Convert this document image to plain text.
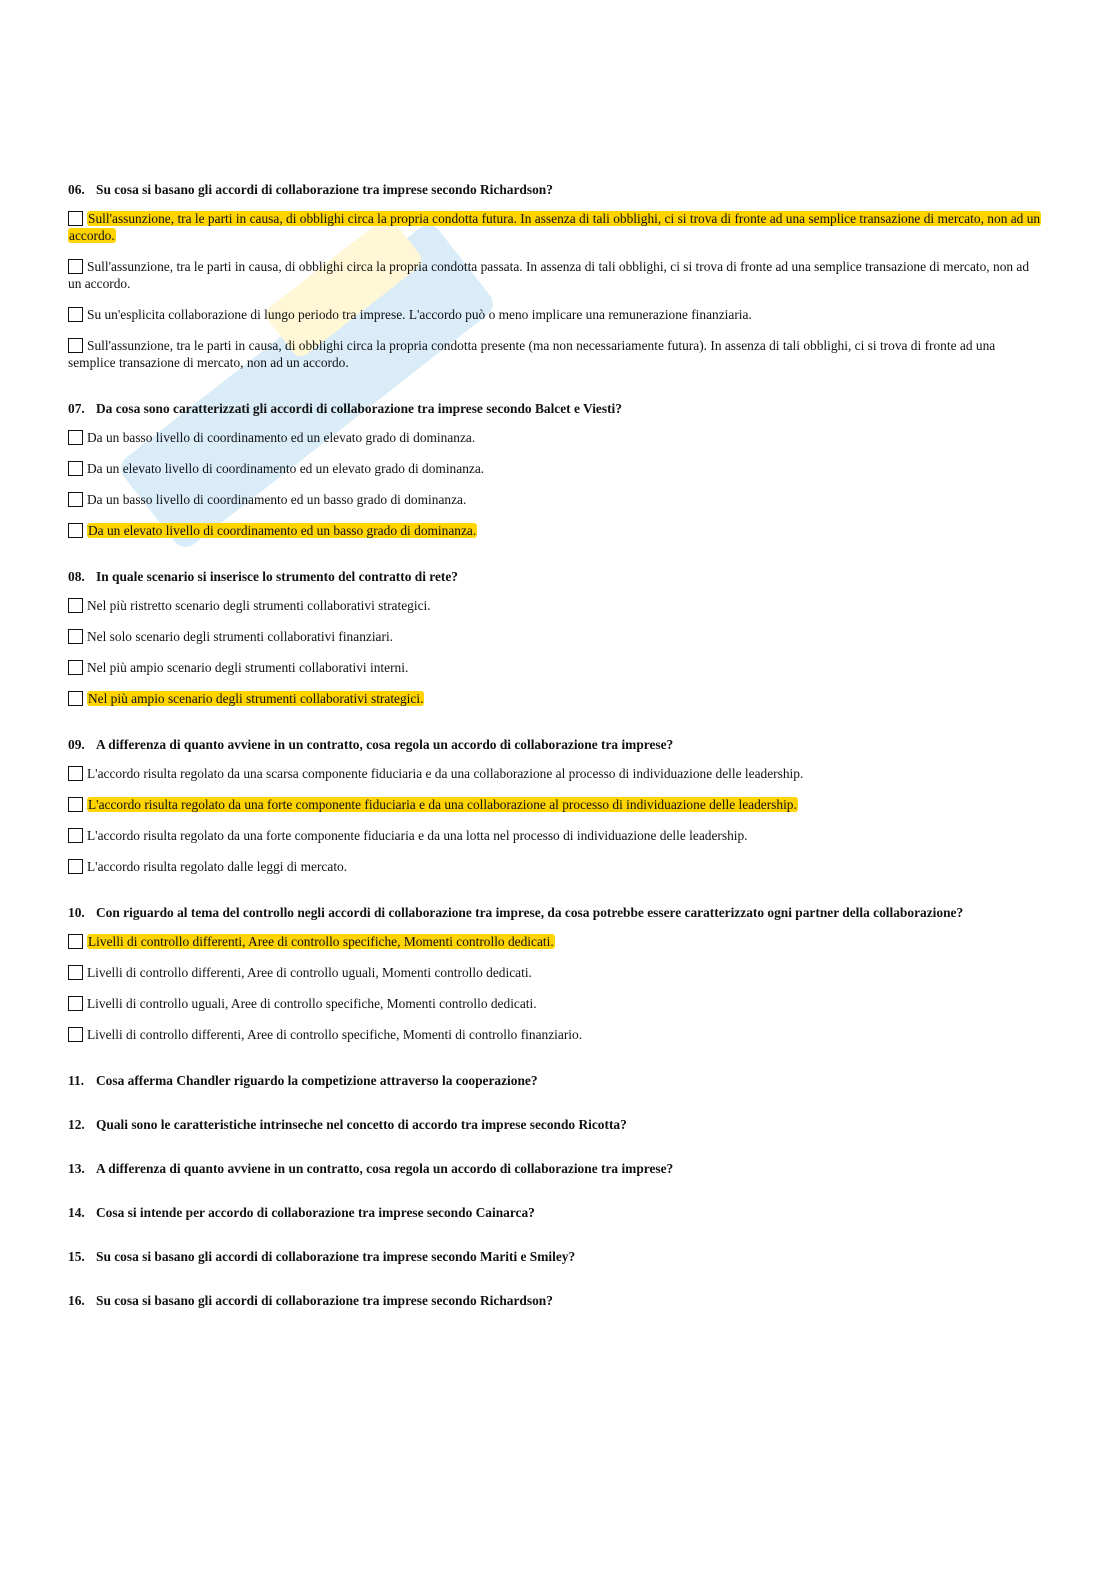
06. Su cosa si basano gli accordi di collaborazione tra imprese secondo Richardson?
Sull'assunzione, tra le parti in causa, di obblighi circa la propria condotta futura. In assenza di tali obblighi, ci si trova di fronte ad una semplice transazione di mercato, non ad un accordo.
Sull'assunzione, tra le parti in causa, di obblighi circa la propria condotta passata. In assenza di tali obblighi, ci si trova di fronte ad una semplice transazione di mercato, non ad un accordo.
Su un'esplicita collaborazione di lungo periodo tra imprese. L'accordo può o meno implicare una remunerazione finanziaria.
Sull'assunzione, tra le parti in causa, di obblighi circa la propria condotta presente (ma non necessariamente futura). In assenza di tali obblighi, ci si trova di fronte ad una semplice transazione di mercato, non ad un accordo.
07. Da cosa sono caratterizzati gli accordi di collaborazione tra imprese secondo Balcet e Viesti?
Da un basso livello di coordinamento ed un elevato grado di dominanza.
Da un elevato livello di coordinamento ed un elevato grado di dominanza.
Da un basso livello di coordinamento ed un basso grado di dominanza.
Da un elevato livello di coordinamento ed un basso grado di dominanza.
08. In quale scenario si inserisce lo strumento del contratto di rete?
Nel più ristretto scenario degli strumenti collaborativi strategici.
Nel solo scenario degli strumenti collaborativi finanziari.
Nel più ampio scenario degli strumenti collaborativi interni.
Nel più ampio scenario degli strumenti collaborativi strategici.
09. A differenza di quanto avviene in un contratto, cosa regola un accordo di collaborazione tra imprese?
L'accordo risulta regolato da una scarsa componente fiduciaria e da una collaborazione al processo di individuazione delle leadership.
L'accordo risulta regolato da una forte componente fiduciaria e da una collaborazione al processo di individuazione delle leadership.
L'accordo risulta regolato da una forte componente fiduciaria e da una lotta nel processo di individuazione delle leadership.
L'accordo risulta regolato dalle leggi di mercato.
10. Con riguardo al tema del controllo negli accordi di collaborazione tra imprese, da cosa potrebbe essere caratterizzato ogni partner della collaborazione?
Livelli di controllo differenti, Aree di controllo specifiche, Momenti controllo dedicati.
Livelli di controllo differenti, Aree di controllo uguali, Momenti controllo dedicati.
Livelli di controllo uguali, Aree di controllo specifiche, Momenti controllo dedicati.
Livelli di controllo differenti, Aree di controllo specifiche, Momenti di controllo finanziario.
11. Cosa afferma Chandler riguardo la competizione attraverso la cooperazione?
12. Quali sono le caratteristiche intrinseche nel concetto di accordo tra imprese secondo Ricotta?
13. A differenza di quanto avviene in un contratto, cosa regola un accordo di collaborazione tra imprese?
14. Cosa si intende per accordo di collaborazione tra imprese secondo Cainarca?
15. Su cosa si basano gli accordi di collaborazione tra imprese secondo Mariti e Smiley?
16. Su cosa si basano gli accordi di collaborazione tra imprese secondo Richardson?
